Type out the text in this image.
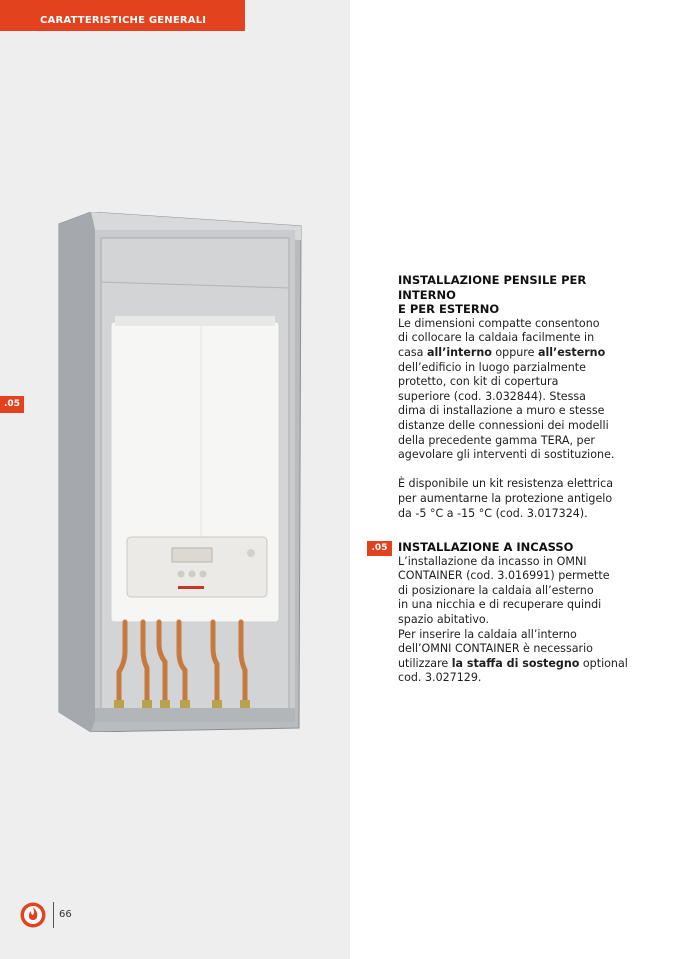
CARATTERISTICHE GENERALI
.05
INSTALLAZIONE PENSILE PER
INTERNO
E PER ESTERNO
Le dimensioni compatte consentono
di collocare la caldaia facilmente in
casa all’interno oppure all’esterno
dell’edificio in luogo parzialmente
protetto, con kit di copertura
superiore (cod. 3.032844). Stessa
dima di installazione a muro e stesse
distanze delle connessioni dei modelli
della precedente gamma TERA, per
agevolare gli interventi di sostituzione.
È disponibile un kit resistenza elettrica
per aumentarne la protezione antigelo
da -5 °C a -15 °C (cod. 3.017324).
.05 INSTALLAZIONE A INCASSO
L’installazione da incasso in OMNI
CONTAINER (cod. 3.016991) permette
di posizionare la caldaia all’esterno
in una nicchia e di recuperare quindi
spazio abitativo.
Per inserire la caldaia all’interno
dell’OMNI CONTAINER è necessario
utilizzare la staffa di sostegno optional
cod. 3.027129.
66
